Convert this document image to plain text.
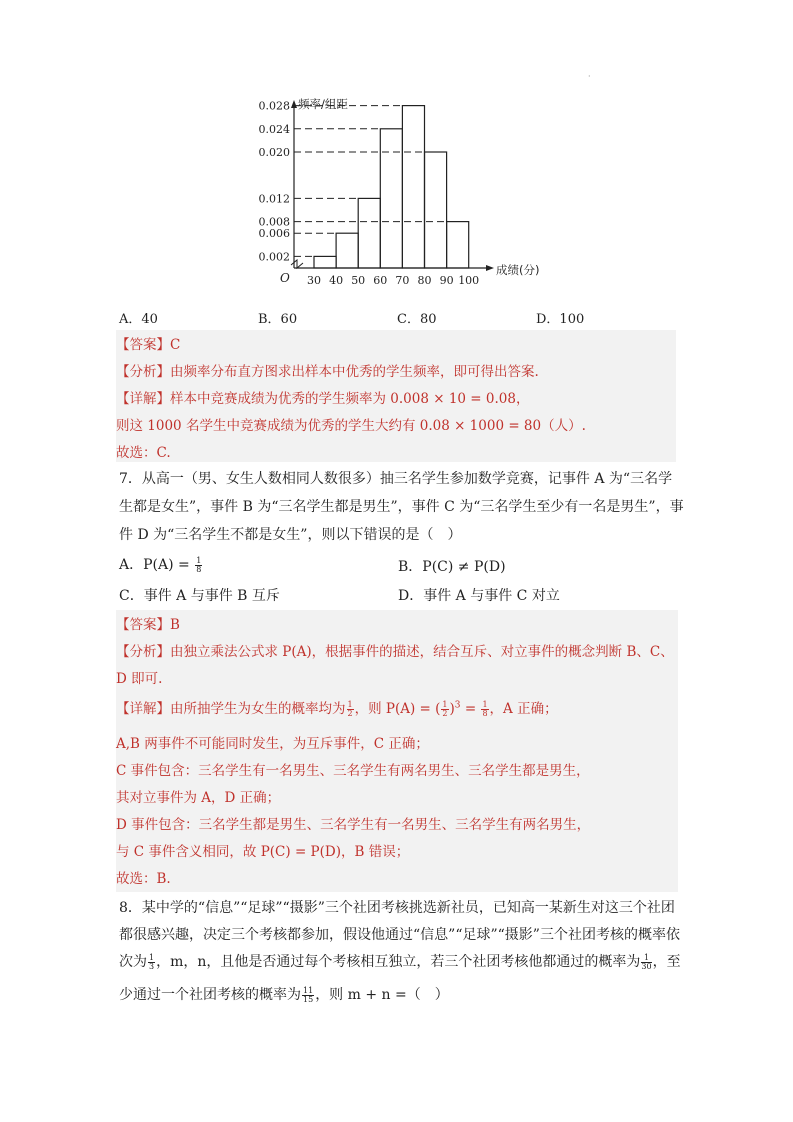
·
0.002
0.006
0.008
0.012
0.020
0.024
0.028
30 40 50 60 70 80 90 100
O
频率/组距
成绩(分)
A．40	B．60	C．80	D．100
【答案】C
【分析】由频率分布直方图求出样本中优秀的学生频率，即可得出答案.
【详解】样本中竞赛成绩为优秀的学生频率为 0.008 × 10 = 0.08，
则这 1000 名学生中竞赛成绩为优秀的学生大约有 0.08 × 1000 = 80（人）.
故选：C.
7．从高一（男、女生人数相同人数很多）抽三名学生参加数学竞赛，记事件 A 为“三名学
生都是女生”，事件 B 为“三名学生都是男生”，事件 C 为“三名学生至少有一名是男生”，事
件 D 为“三名学生不都是女生”，则以下错误的是（　）
A．$P(A) = \frac{1}{8}$	B．P(C) ≠ P(D)
C．事件 A 与事件 B 互斥	D．事件 A 与事件 C 对立
【答案】B
【分析】由独立乘法公式求 P(A)，根据事件的描述，结合互斥、对立事件的概念判断 B、C、
D 即可.
【详解】由所抽学生为女生的概率均为 $\frac{1}{2}$ ，则 P(A) = ( $\frac{1}{2} )^3 = \frac{1}{8}$ ，A 正确；
A,B 两事件不可能同时发生，为互斥事件，C 正确；
C 事件包含：三名学生有一名男生、三名学生有两名男生、三名学生都是男生，
其对立事件为 A，D 正确；
D 事件包含：三名学生都是男生、三名学生有一名男生、三名学生有两名男生，
与 C 事件含义相同，故 P(C) = P(D)，B 错误；
故选：B.
8．某中学的“信息”“足球”“摄影”三个社团考核挑选新社员，已知高一某新生对这三个社团
都很感兴趣，决定三个考核都参加，假设他通过“信息”“足球”“摄影”三个社团考核的概率依
次为 $\frac{1}{3}$ ，m，n，且他是否通过每个考核相互独立，若三个社团考核他都通过的概率为 $\frac{1}{30}$ ，至
少通过一个社团考核的概率为 $\frac{11}{15}$ ，则 m + n =（　）
